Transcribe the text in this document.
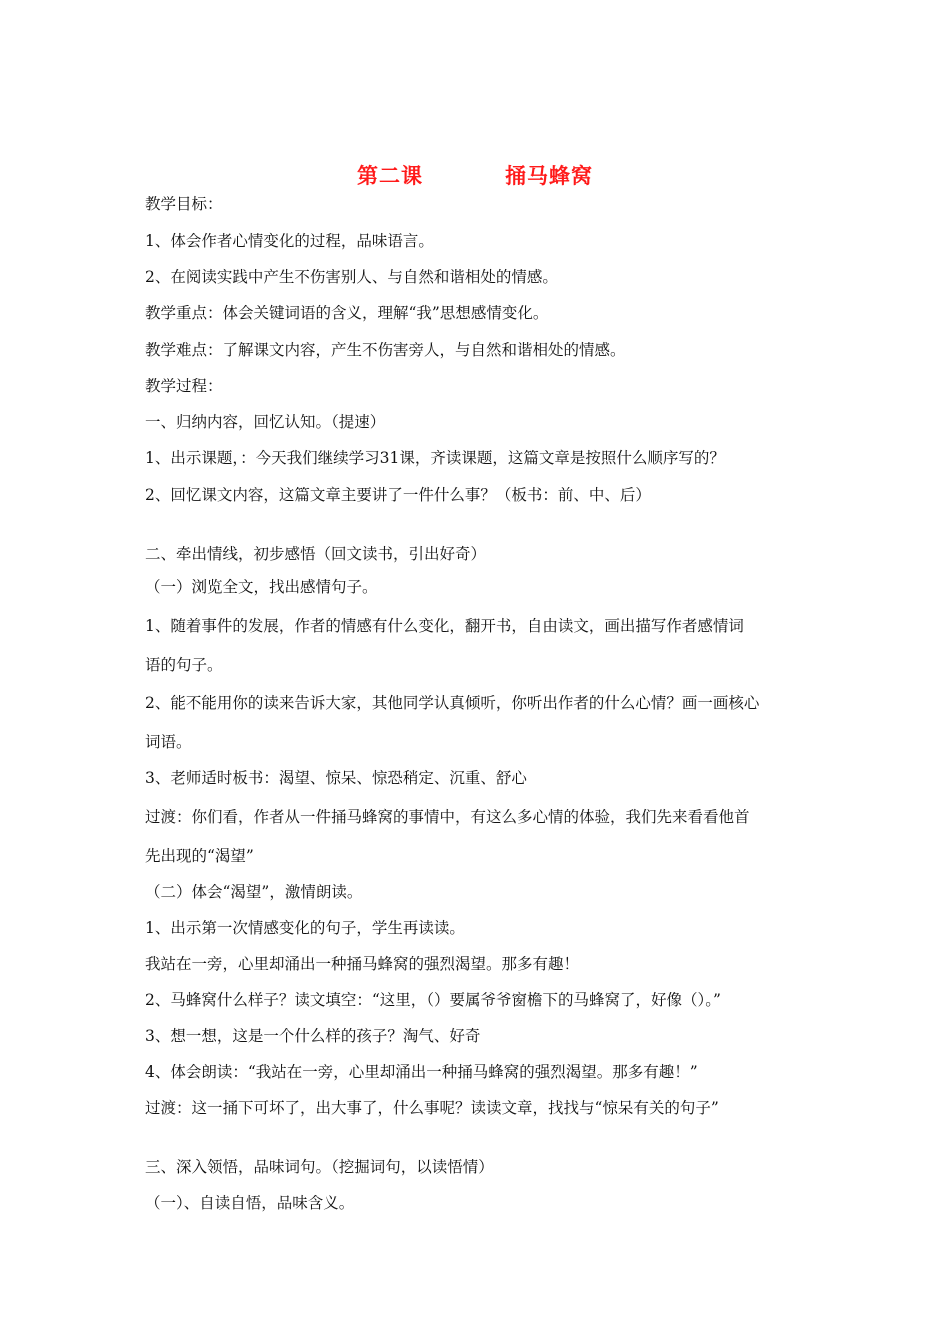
第二课	捅马蜂窝
教学目标：
1、体会作者心情变化的过程，品味语言。
2、在阅读实践中产生不伤害别人、与自然和谐相处的情感。
教学重点：体会关键词语的含义，理解“我”思想感情变化。
教学难点：了解课文内容，产生不伤害旁人，与自然和谐相处的情感。
教学过程：
一、归纳内容，回忆认知。（提速）
1、出示课题，：今天我们继续学习31课，齐读课题，这篇文章是按照什么顺序写的？
2、回忆课文内容，这篇文章主要讲了一件什么事？（板书：前、中、后）
二、牵出情线，初步感悟（回文读书，引出好奇）
（一）浏览全文，找出感情句子。
1、随着事件的发展，作者的情感有什么变化，翻开书，自由读文，画出描写作者感情词
语的句子。
2、能不能用你的读来告诉大家，其他同学认真倾听，你听出作者的什么心情？画一画核心
词语。
3、老师适时板书：渴望、惊呆、惊恐稍定、沉重、舒心
过渡：你们看，作者从一件捅马蜂窝的事情中，有这么多心情的体验，我们先来看看他首
先出现的“渴望”
（二）体会“渴望”，激情朗读。
1、出示第一次情感变化的句子，学生再读读。
我站在一旁，心里却涌出一种捅马蜂窝的强烈渴望。那多有趣！
2、马蜂窝什么样子？读文填空：“这里，（）要属爷爷窗檐下的马蜂窝了，好像（）。”
3、想一想，这是一个什么样的孩子？淘气、好奇
4、体会朗读：“我站在一旁，心里却涌出一种捅马蜂窝的强烈渴望。那多有趣！”
过渡：这一捅下可坏了，出大事了，什么事呢？读读文章，找找与“惊呆有关的句子”
三、深入领悟，品味词句。（挖掘词句，以读悟情）
（一）、自读自悟，品味含义。
